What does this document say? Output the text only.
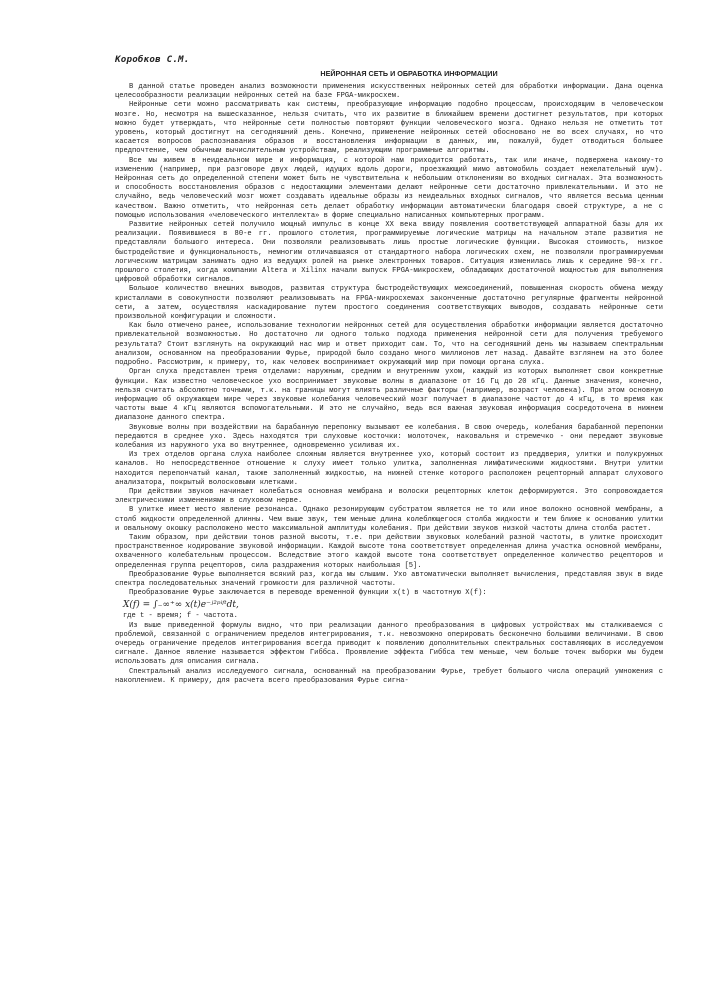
Коробков С.М.
НЕЙРОННАЯ СЕТЬ И ОБРАБОТКА ИНФОРМАЦИИ

В данной статье проведен анализ возможности применения искусственных нейронных сетей для обработки информации. Дана оценка целесообразности реализации нейронных сетей на базе FPGA-микросхем.

Нейронные сети можно рассматривать как системы, преобразующие информацию подобно процессам, происходящим в человеческом мозге. Но, несмотря на вышесказанное, нельзя считать, что их развитие в ближайшем времени достигнет результатов, при которых можно будет утверждать, что нейронные сети полностью повторяют функции человеческого мозга. Однако нельзя не отметить тот уровень, который достигнут на сегодняшний день. Конечно, применение нейронных сетей обосновано не во всех случаях, но что касается вопросов распознавания образов и восстановления информации в данных, им, пожалуй, будет отводиться большее предпочтение, чем обычным вычислительным устройствам, реализующим программные алгоритмы.

Все мы живем в неидеальном мире и информация, с которой нам приходится работать, так или иначе, подвержена какому-то изменению (например, при разговоре двух людей, идущих вдоль дороги, проезжающий мимо автомобиль создает нежелательный шум). Нейронная сеть до определенной степени может быть не чувствительна к небольшим отклонениям во входных сигналах. Эта возможность и способность восстановления образов с недостающими элементами делают нейронные сети достаточно привлекательными. И это не случайно, ведь человеческий мозг может создавать идеальные образы из неидеальных входных сигналов, что является весьма ценным качеством. Важно отметить, что нейронная сеть делает обработку информации автоматически благодаря своей структуре, а не с помощью использования «человеческого интеллекта» в форме специально написанных компьютерных программ.

Развитие нейронных сетей получило мощный импульс в конце XX века ввиду появления соответствующей аппаратной базы для их реализации. Появившиеся в 80-е гг. прошлого столетия, программируемые логические матрицы на начальном этапе развития не представляли большого интереса. Они позволяли реализовывать лишь простые логические функции. Высокая стоимость, низкое быстродействие и функциональность, немногим отличавшаяся от стандартного набора логических схем, не позволяли программируемым логическим матрицам занимать одно из ведущих ролей на рынке электронных товаров. Ситуация изменилась лишь к середине 90-х гг. прошлого столетия, когда компании Altera и Xilinx начали выпуск FPGA-микросхем, обладающих достаточной мощностью для выполнения цифровой обработки сигналов.

Большое количество внешних выводов, развитая структура быстродействующих межсоединений, повышенная скорость обмена между кристаллами в совокупности позволяют реализовывать на FPGA-микросхемах законченные достаточно регулярные фрагменты нейронной сети, а затем, осуществляя каскадирование путем простого соединения соответствующих выводов, создавать нейронные сети произвольной конфигурации и сложности.

Как было отмечено ранее, использование технологии нейронных сетей для осуществления обработки информации является достаточно привлекательной возможностью. Но достаточно ли одного только подхода применения нейронной сети для получения требуемого результата? Стоит взглянуть на окружающий нас мир и ответ приходит сам. То, что на сегодняшний день мы называем спектральным анализом, основанном на преобразовании Фурье, природой было создано много миллионов лет назад. Давайте взглянем на это более подробно. Рассмотрим, к примеру, то, как человек воспринимает окружающий мир при помощи органа слуха.

Орган слуха представлен тремя отделами: наружным, средним и внутренним ухом, каждый из которых выполняет свои конкретные функции. Как известно человеческое ухо воспринимает звуковые волны в диапазоне от 16 Гц до 20 кГц. Данные значения, конечно, нельзя считать абсолютно точными, т.к. на границы могут влиять различные факторы (например, возраст человека). При этом основную информацию об окружающем мире через звуковые колебания человеческий мозг получает в диапазоне частот до 4 кГц, в то время как частоты выше 4 кГц являются вспомогательными. И это не случайно, ведь вся важная звуковая информация сосредоточена в нижнем диапазоне данного спектра.

Звуковые волны при воздействии на барабанную перепонку вызывают ее колебания. В свою очередь, колебания барабанной перепонки передаются в среднее ухо. Здесь находятся три слуховые косточки: молоточек, наковальня и стремечко - они передают звуковые колебания из наружного уха во внутреннее, одновременно усиливая их.

Из трех отделов органа слуха наиболее сложным является внутреннее ухо, который состоит из преддверия, улитки и полукружных каналов. Но непосредственное отношение к слуху имеет только улитка, заполненная лимфатическими жидкостями. Внутри улитки находится перепончатый канал, также заполненный жидкостью, на нижней стенке которого расположен рецепторный аппарат слухового анализатора, покрытый волосковыми клетками.

При действии звуков начинает колебаться основная мембрана и волоски рецепторных клеток деформируются. Это сопровождается электрическими изменениями в слуховом нерве.

В улитке имеет место явление резонанса. Однако резонирующим субстратом является не то или иное волокно основной мембраны, а столб жидкости определенной длинны. Чем выше звук, тем меньше длина колеблющегося столба жидкости и тем ближе к основанию улитки и овальному окошку расположено место максимальной амплитуды колебания. При действии звуков низкой частоты длина столба растет.

Таким образом, при действии тонов разной высоты, т.е. при действии звуковых колебаний разной частоты, в улитке происходит пространственное кодирование звуковой информации. Каждой высоте тона соответствует определенная длина участка основной мембраны, охваченного колебательным процессом. Вследствие этого каждой высоте тона соответствует определенное количество рецепторов и определенная группа рецепторов, сила раздражения которых наибольшая [5].

Преобразование Фурье выполняется всякий раз, когда мы слышим. Ухо автоматически выполняет вычисления, представляя звук в виде спектра последовательных значений громкости для различной частоты.

Преобразование Фурье заключается в переводе временной функции x(t) в частотную X(f):

X(f) = ∫₋∞⁺∞ x(t)e⁻ʲ²ᵖⁱᶠᵗdt,
где t - время; f - частота.

Из выше приведенной формулы видно, что при реализации данного преобразования в цифровых устройствах мы сталкиваемся с проблемой, связанной с ограничением пределов интегрирования, т.к. невозможно оперировать бесконечно большими величинами. В свою очередь ограничение пределов интегрирования всегда приводит к появлению дополнительных спектральных составляющих в исследуемом сигнале. Данное явление называется эффектом Гиббса. Проявление эффекта Гиббса тем меньше, чем больше точек выборки мы будем использовать для описания сигнала.

Спектральный анализ исследуемого сигнала, основанный на преобразовании Фурье, требует большого числа операций умножения с накоплением. К примеру, для расчета всего преобразования Фурье сигна-
